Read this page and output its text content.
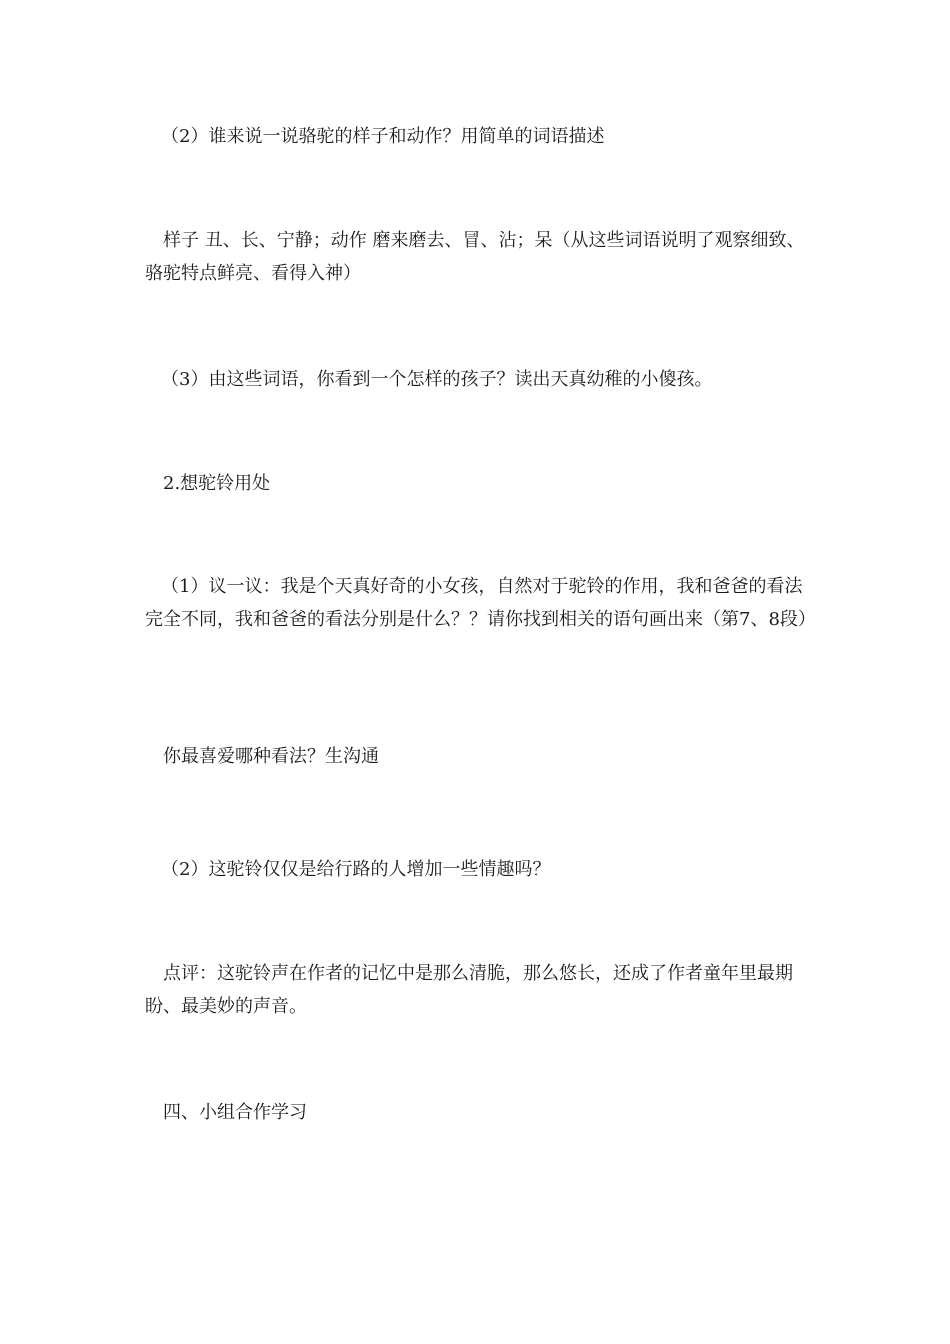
（2）谁来说一说骆驼的样子和动作？用简单的词语描述

样子 丑、长、宁静；动作 磨来磨去、冒、沾；呆（从这些词语说明了观察细致、骆驼特点鲜亮、看得入神）

（3）由这些词语，你看到一个怎样的孩子？读出天真幼稚的小傻孩。

2.想驼铃用处

（1）议一议：我是个天真好奇的小女孩，自然对于驼铃的作用，我和爸爸的看法完全不同，我和爸爸的看法分别是什么？？请你找到相关的语句画出来（第7、8段）

你最喜爱哪种看法？生沟通

（2）这驼铃仅仅是给行路的人增加一些情趣吗？

点评：这驼铃声在作者的记忆中是那么清脆，那么悠长，还成了作者童年里最期盼、最美妙的声音。

四、小组合作学习
